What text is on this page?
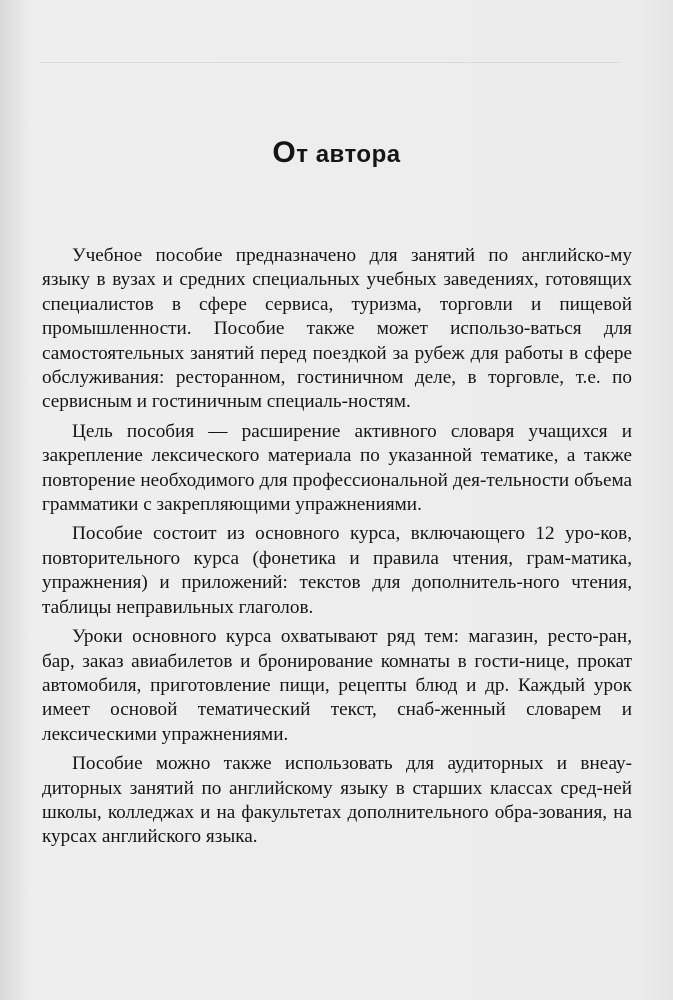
От автора

Учебное пособие предназначено для занятий по английско-му языку в вузах и средних специальных учебных заведениях, готовящих специалистов в сфере сервиса, туризма, торговли и пищевой промышленности. Пособие также может использо-ваться для самостоятельных занятий перед поездкой за рубеж для работы в сфере обслуживания: ресторанном, гостиничном деле, в торговле, т.е. по сервисным и гостиничным специаль-ностям.

Цель пособия — расширение активного словаря учащихся и закрепление лексического материала по указанной тематике, а также повторение необходимого для профессиональной дея-тельности объема грамматики с закрепляющими упражнениями.

Пособие состоит из основного курса, включающего 12 уро-ков, повторительного курса (фонетика и правила чтения, грам-матика, упражнения) и приложений: текстов для дополнитель-ного чтения, таблицы неправильных глаголов.

Уроки основного курса охватывают ряд тем: магазин, ресто-ран, бар, заказ авиабилетов и бронирование комнаты в гости-нице, прокат автомобиля, приготовление пищи, рецепты блюд и др. Каждый урок имеет основой тематический текст, снаб-женный словарем и лексическими упражнениями.

Пособие можно также использовать для аудиторных и внеау-диторных занятий по английскому языку в старших классах сред-ней школы, колледжах и на факультетах дополнительного обра-зования, на курсах английского языка.
